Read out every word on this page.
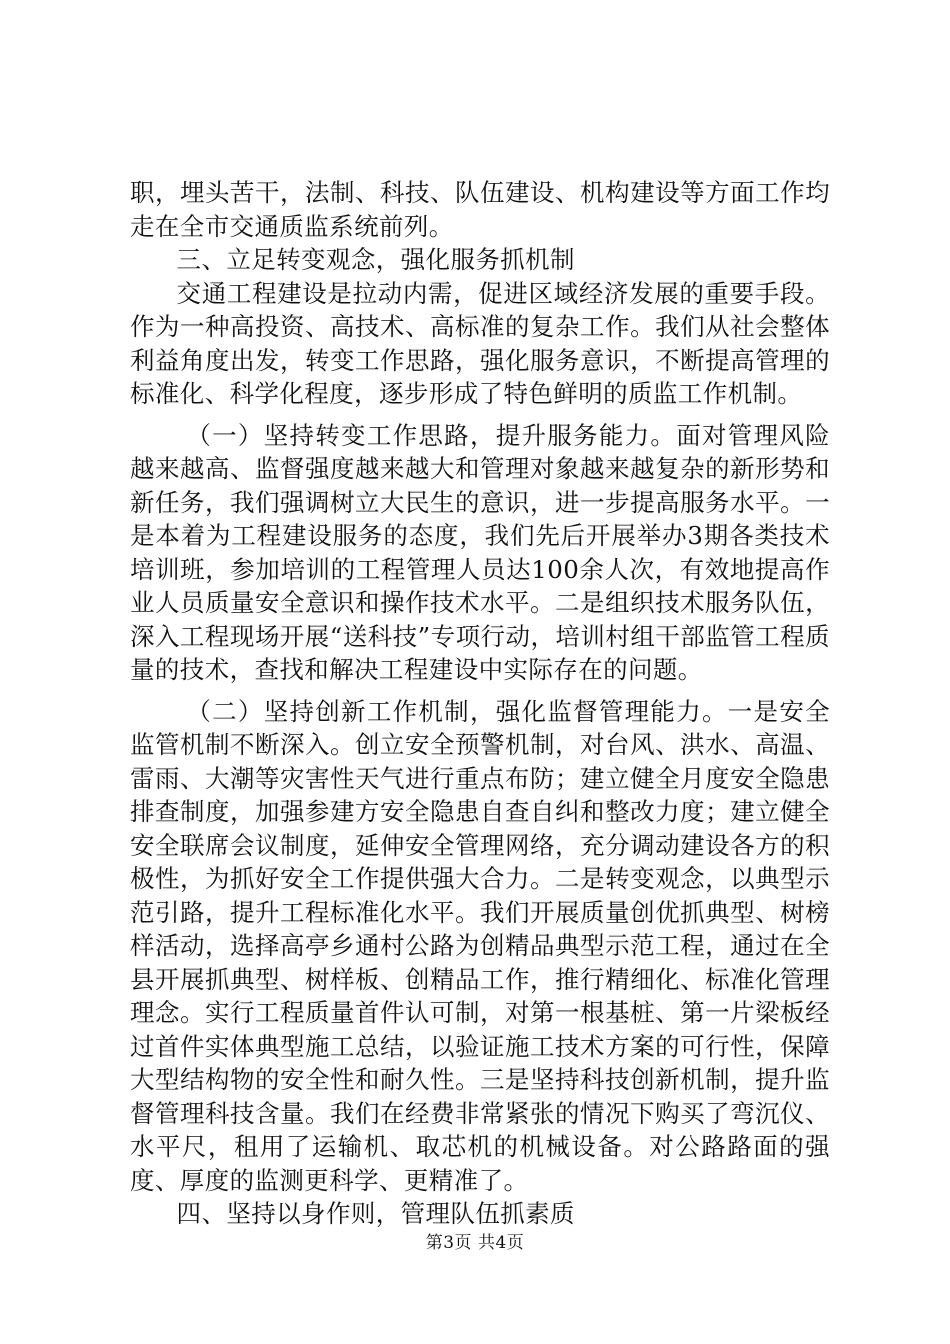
职，埋头苦干，法制、科技、队伍建设、机构建设等方面工作均走在全市交通质监系统前列。

三、立足转变观念，强化服务抓机制

交通工程建设是拉动内需，促进区域经济发展的重要手段。作为一种高投资、高技术、高标准的复杂工作。我们从社会整体利益角度出发，转变工作思路，强化服务意识，不断提高管理的标准化、科学化程度，逐步形成了特色鲜明的质监工作机制。

（一）坚持转变工作思路，提升服务能力。面对管理风险越来越高、监督强度越来越大和管理对象越来越复杂的新形势和新任务，我们强调树立大民生的意识，进一步提高服务水平。一是本着为工程建设服务的态度，我们先后开展举办3期各类技术培训班，参加培训的工程管理人员达100余人次，有效地提高作业人员质量安全意识和操作技术水平。二是组织技术服务队伍，深入工程现场开展“送科技”专项行动，培训村组干部监管工程质量的技术，查找和解决工程建设中实际存在的问题。

（二）坚持创新工作机制，强化监督管理能力。一是安全监管机制不断深入。创立安全预警机制，对台风、洪水、高温、雷雨、大潮等灾害性天气进行重点布防；建立健全月度安全隐患排查制度，加强参建方安全隐患自查自纠和整改力度；建立健全安全联席会议制度，延伸安全管理网络，充分调动建设各方的积极性，为抓好安全工作提供强大合力。二是转变观念，以典型示范引路，提升工程标准化水平。我们开展质量创优抓典型、树榜样活动，选择高亭乡通村公路为创精品典型示范工程，通过在全县开展抓典型、树样板、创精品工作，推行精细化、标准化管理理念。实行工程质量首件认可制，对第一根基桩、第一片梁板经过首件实体典型施工总结，以验证施工技术方案的可行性，保障大型结构物的安全性和耐久性。三是坚持科技创新机制，提升监督管理科技含量。我们在经费非常紧张的情况下购买了弯沉仪、水平尺，租用了运输机、取芯机的机械设备。对公路路面的强度、厚度的监测更科学、更精准了。

四、坚持以身作则，管理队伍抓素质

第3页 共4页
